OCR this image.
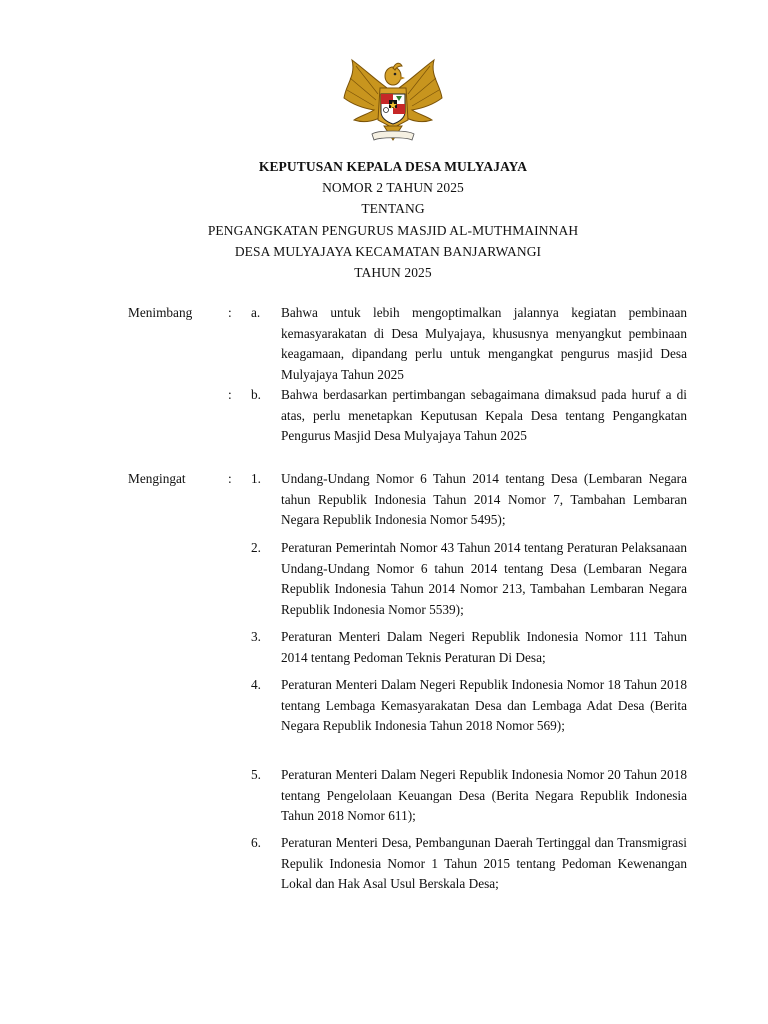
KEPUTUSAN KEPALA DESA MULYAJAYA
NOMOR 2 TAHUN 2025
TENTANG
PENGANGKATAN PENGURUS MASJID AL-MUTHMAINNAH
DESA MULYAJAYA KECAMATAN BANJARWANGI
TAHUN 2025
Menimbang	: a. Bahwa untuk lebih mengoptimalkan jalannya kegiatan pembinaan kemasyarakatan di Desa Mulyajaya, khususnya menyangkut pembinaan keagamaan, dipandang perlu untuk mengangkat pengurus masjid Desa Mulyajaya Tahun 2025

: b. Bahwa berdasarkan pertimbangan sebagaimana dimaksud pada huruf a di atas, perlu menetapkan Keputusan Kepala Desa tentang Pengangkatan Pengurus Masjid Desa Mulyajaya Tahun 2025

Mengingat	: 1. Undang-Undang Nomor 6 Tahun 2014 tentang Desa (Lembaran Negara tahun Republik Indonesia Tahun 2014 Nomor 7, Tambahan Lembaran Negara Republik Indonesia Nomor 5495);

2. Peraturan Pemerintah Nomor 43 Tahun 2014 tentang Peraturan Pelaksanaan Undang-Undang Nomor 6 tahun 2014 tentang Desa (Lembaran Negara Republik Indonesia Tahun 2014 Nomor 213, Tambahan Lembaran Negara Republik Indonesia Nomor 5539);

3. Peraturan Menteri Dalam Negeri Republik Indonesia Nomor 111 Tahun 2014 tentang Pedoman Teknis Peraturan Di Desa;

4. Peraturan Menteri Dalam Negeri Republik Indonesia Nomor 18 Tahun 2018 tentang Lembaga Kemasyarakatan Desa dan Lembaga Adat Desa (Berita Negara Republik Indonesia Tahun 2018 Nomor 569);

5. Peraturan Menteri Dalam Negeri Republik Indonesia Nomor 20 Tahun 2018 tentang Pengelolaan Keuangan Desa (Berita Negara Republik Indonesia Tahun 2018 Nomor 611);

6. Peraturan Menteri Desa, Pembangunan Daerah Tertinggal dan Transmigrasi Repulik Indonesia Nomor 1 Tahun 2015 tentang Pedoman Kewenangan Lokal dan Hak Asal Usul Berskala Desa;
